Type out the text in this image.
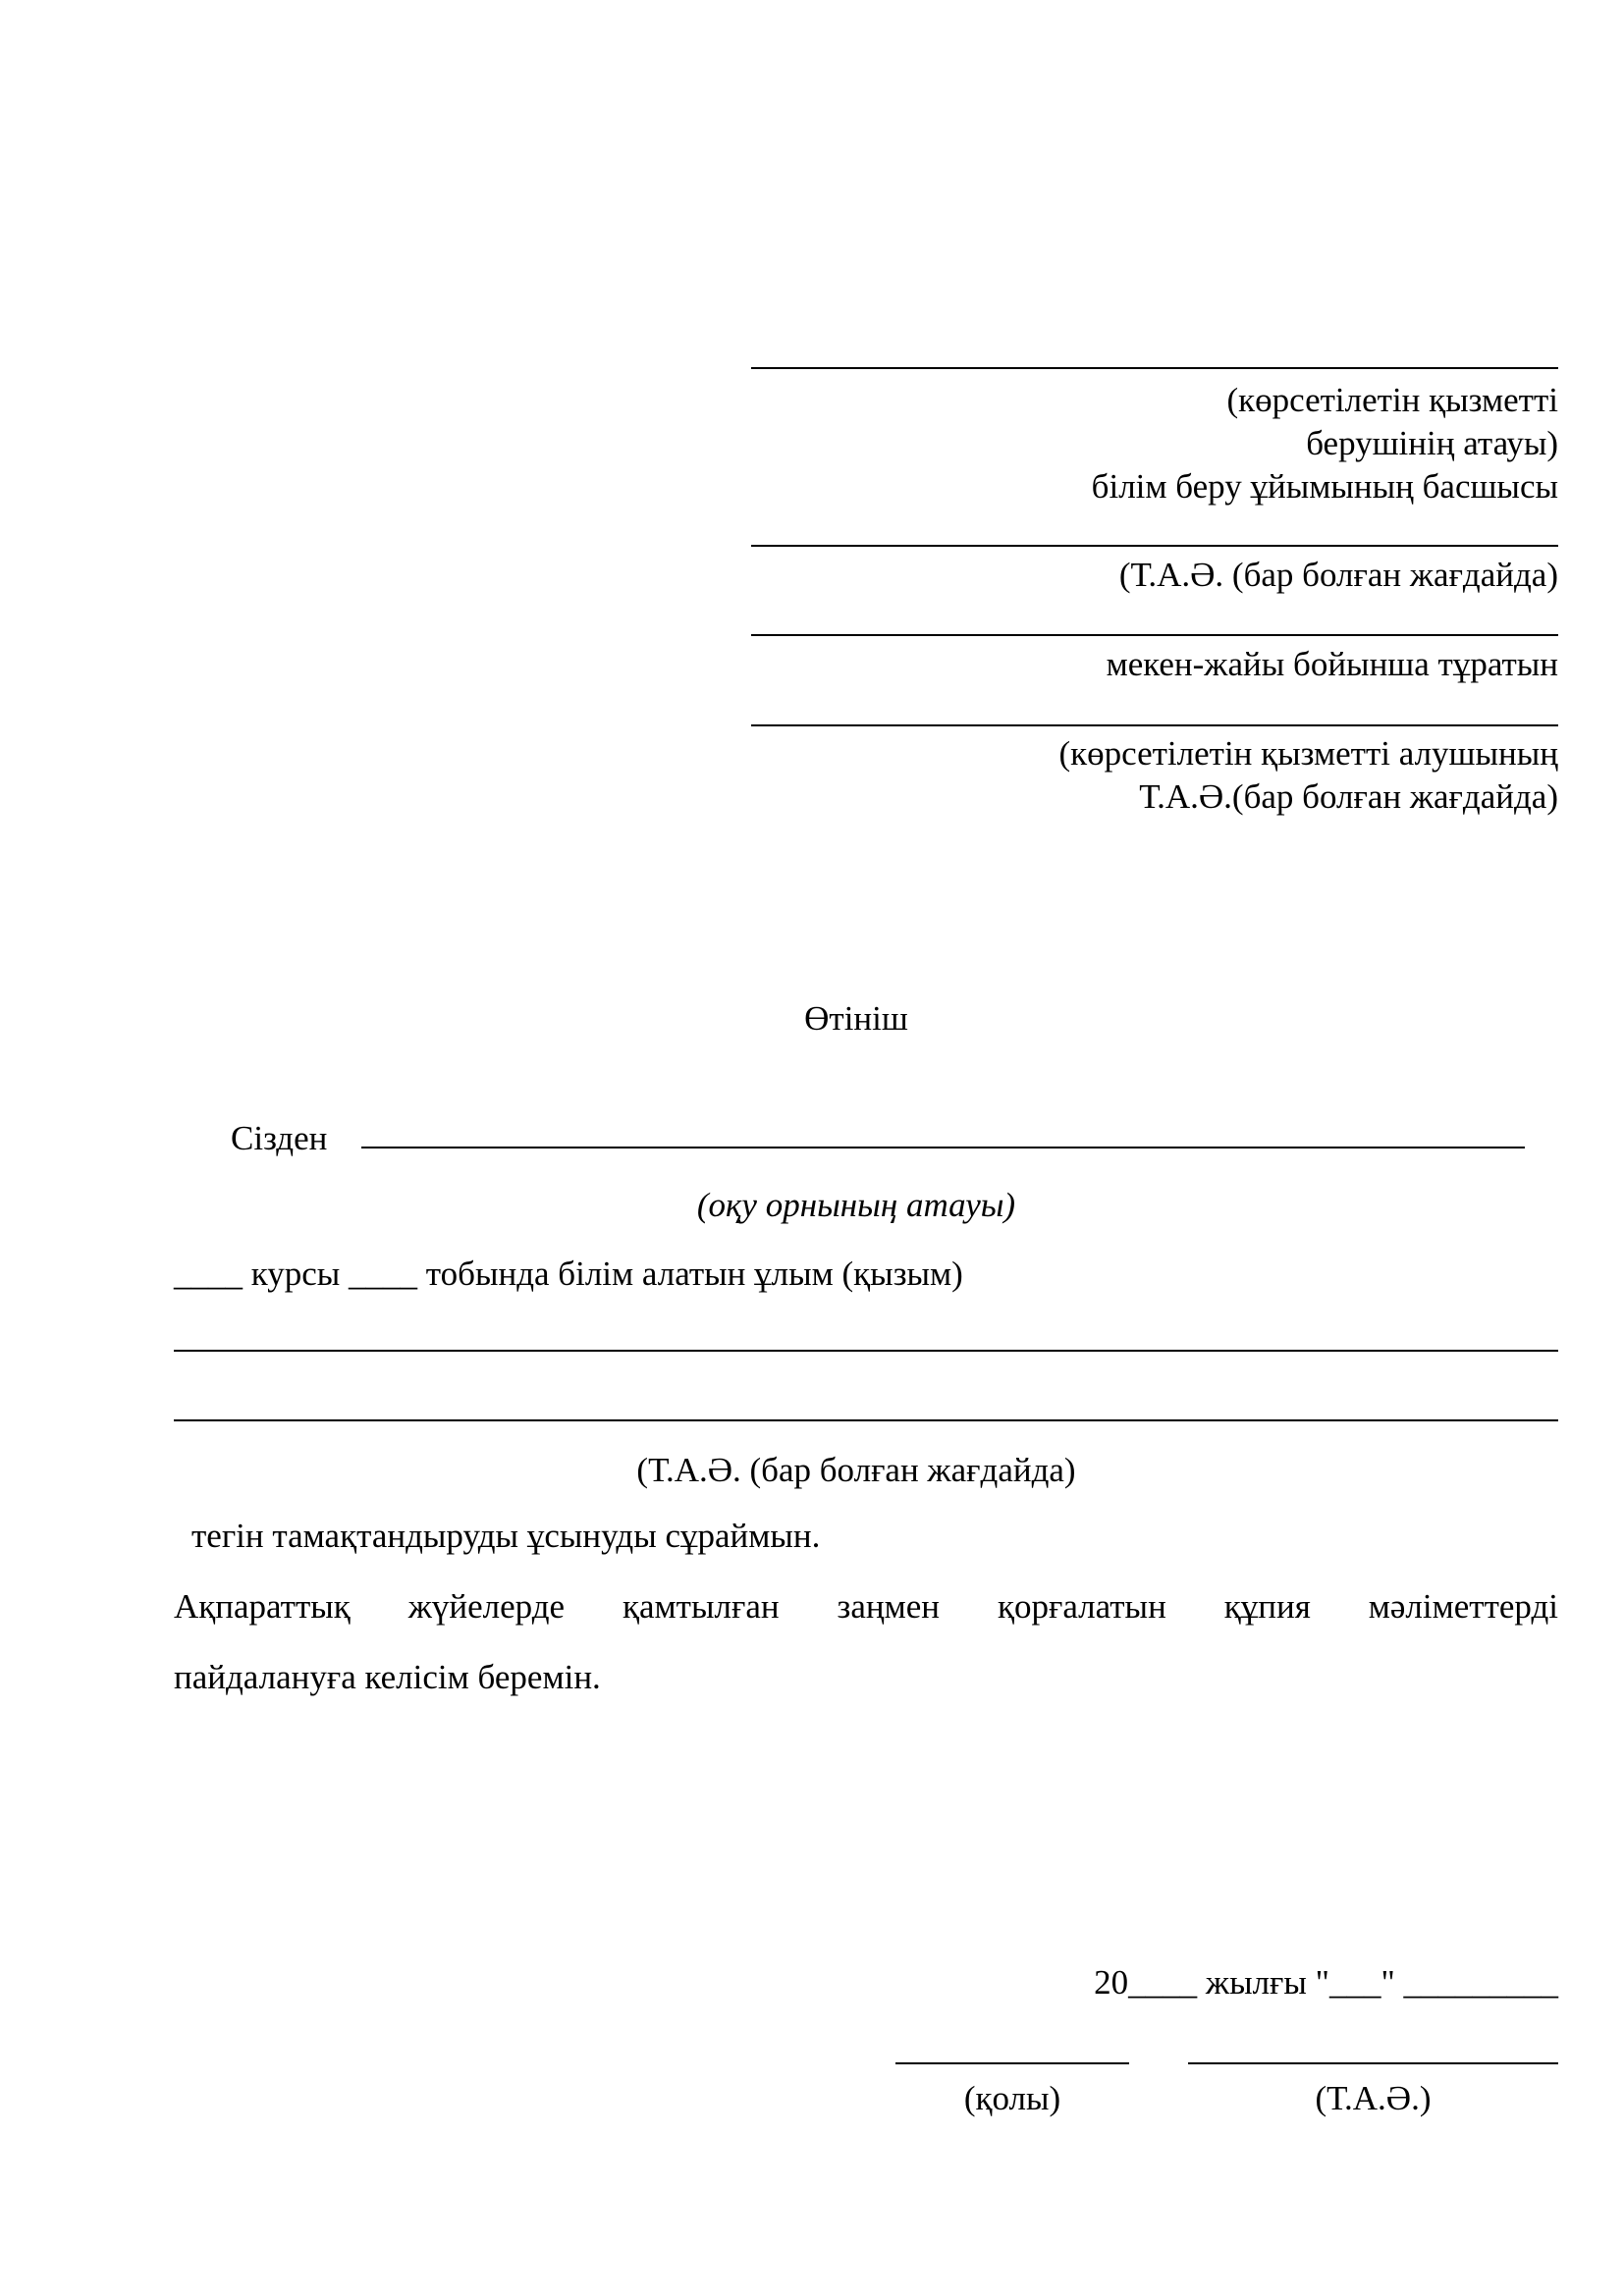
(көрсетілетін қызметті

берушінің атауы)

білім беру ұйымының басшысы

(Т.А.Ә. (бар болған жағдайда)

мекен-жайы бойынша тұратын

(көрсетілетін қызметті алушының

Т.А.Ә.(бар болған жағдайда)

Өтініш

Сізден

(оқу орнының атауы)

____ курсы ____ тобында білім алатын ұлым (қызым)

(Т.А.Ә. (бар болған жағдайда)

тегін тамақтандыруды ұсынуды сұраймын.

Ақпараттық жүйелерде қамтылған заңмен қорғалатын құпия мәліметтерді

пайдалануға келісім беремін.

20____ жылғы "___" _________

(қолы)	(Т.А.Ә.)
